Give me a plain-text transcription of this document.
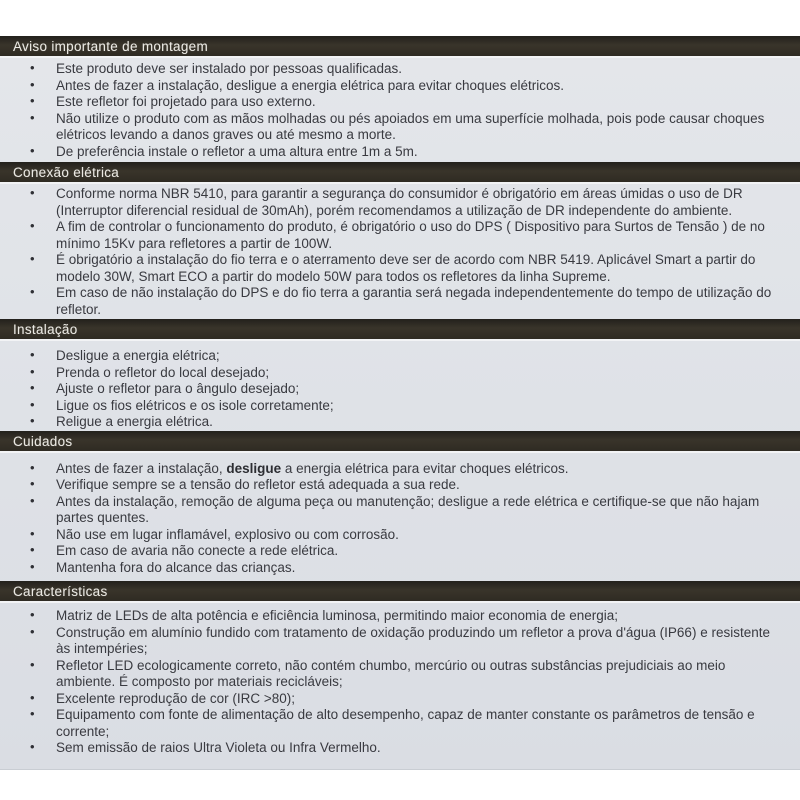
Aviso importante de montagem
• Este produto deve ser instalado por pessoas qualificadas.
• Antes de fazer a instalação, desligue a energia elétrica para evitar choques elétricos.
• Este refletor foi projetado para uso externo.
• Não utilize o produto com as mãos molhadas ou pés apoiados em uma superfície molhada, pois pode causar choques elétricos levando a danos graves ou até mesmo a morte.
• De preferência instale o refletor a uma altura entre 1m a 5m.
Conexão elétrica
• Conforme norma NBR 5410, para garantir a segurança do consumidor é obrigatório em áreas úmidas o uso de DR (Interruptor diferencial residual de 30mAh), porém recomendamos a utilização de DR independente do ambiente.
• A fim de controlar o funcionamento do produto, é obrigatório o uso do DPS ( Dispositivo para Surtos de Tensão ) de no mínimo 15Kv para refletores a partir de 100W.
• É obrigatório a instalação do fio terra e o aterramento deve ser de acordo com NBR 5419. Aplicável Smart a partir do modelo 30W, Smart ECO a partir do modelo 50W para todos os refletores da linha Supreme.
• Em caso de não instalação do DPS e do fio terra a garantia será negada independentemente do tempo de utilização do refletor.
Instalação
• Desligue a energia elétrica;
• Prenda o refletor do local desejado;
• Ajuste o refletor para o ângulo desejado;
• Ligue os fios elétricos e os isole corretamente;
• Religue a energia elétrica.
Cuidados
• Antes de fazer a instalação, desligue a energia elétrica para evitar choques elétricos.
• Verifique sempre se a tensão do refletor está adequada a sua rede.
• Antes da instalação, remoção de alguma peça ou manutenção; desligue a rede elétrica e certifique-se que não hajam partes quentes.
• Não use em lugar inflamável, explosivo ou com corrosão.
• Em caso de avaria não conecte a rede elétrica.
• Mantenha fora do alcance das crianças.
Características
• Matriz de LEDs de alta potência e eficiência luminosa, permitindo maior economia de energia;
• Construção em alumínio fundido com tratamento de oxidação produzindo um refletor a prova d'água (IP66) e resistente às intempéries;
• Refletor LED ecologicamente correto, não contém chumbo, mercúrio ou outras substâncias prejudiciais ao meio ambiente. É composto por materiais recicláveis;
• Excelente reprodução de cor (IRC >80);
• Equipamento com fonte de alimentação de alto desempenho, capaz de manter constante os parâmetros de tensão e corrente;
• Sem emissão de raios Ultra Violeta ou Infra Vermelho.
